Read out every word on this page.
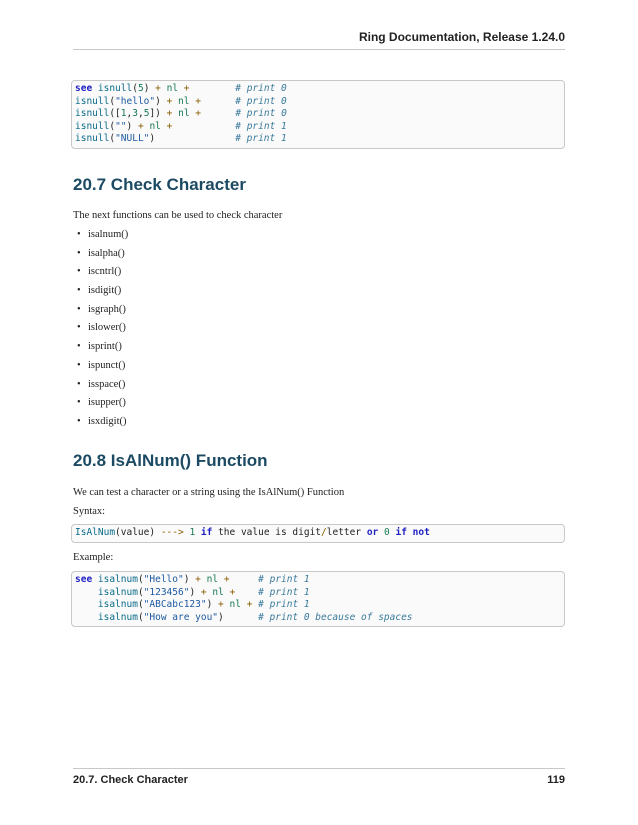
Ring Documentation, Release 1.24.0
see isnull ( 5 ) +
nl
+ # print 0
isnull ( "hello" ) +
nl
+ # print 0
isnull ([ 1 , 3 , 5 ]) +
nl
+ # print 0
isnull ( "" ) +
nl
+ # print 1
isnull ( "NULL" ) # print 1
20.7 Check Character

The next functions can be used to check character

• isalnum()
• isalpha()
• iscntrl()
• isdigit()
• isgraph()
• islower()
• isprint()
• ispunct()
• isspace()
• isupper()
• isxdigit()
20.8 IsAlNum() Function

We can test a character or a string using the IsAlNum() Function

Syntax:

IsAlNum (value) --->
1
if the value is digit / letter or
0
if
not

Example:

see isalnum ( "Hello" ) +
nl
+ # print 1

isalnum ( "123456" ) +
nl
+ # print 1

isalnum ( "ABCabc123" ) +
nl
+ # print 1

isalnum ( "How are you" ) # print 0 because of spaces
20.7. Check Character	119
